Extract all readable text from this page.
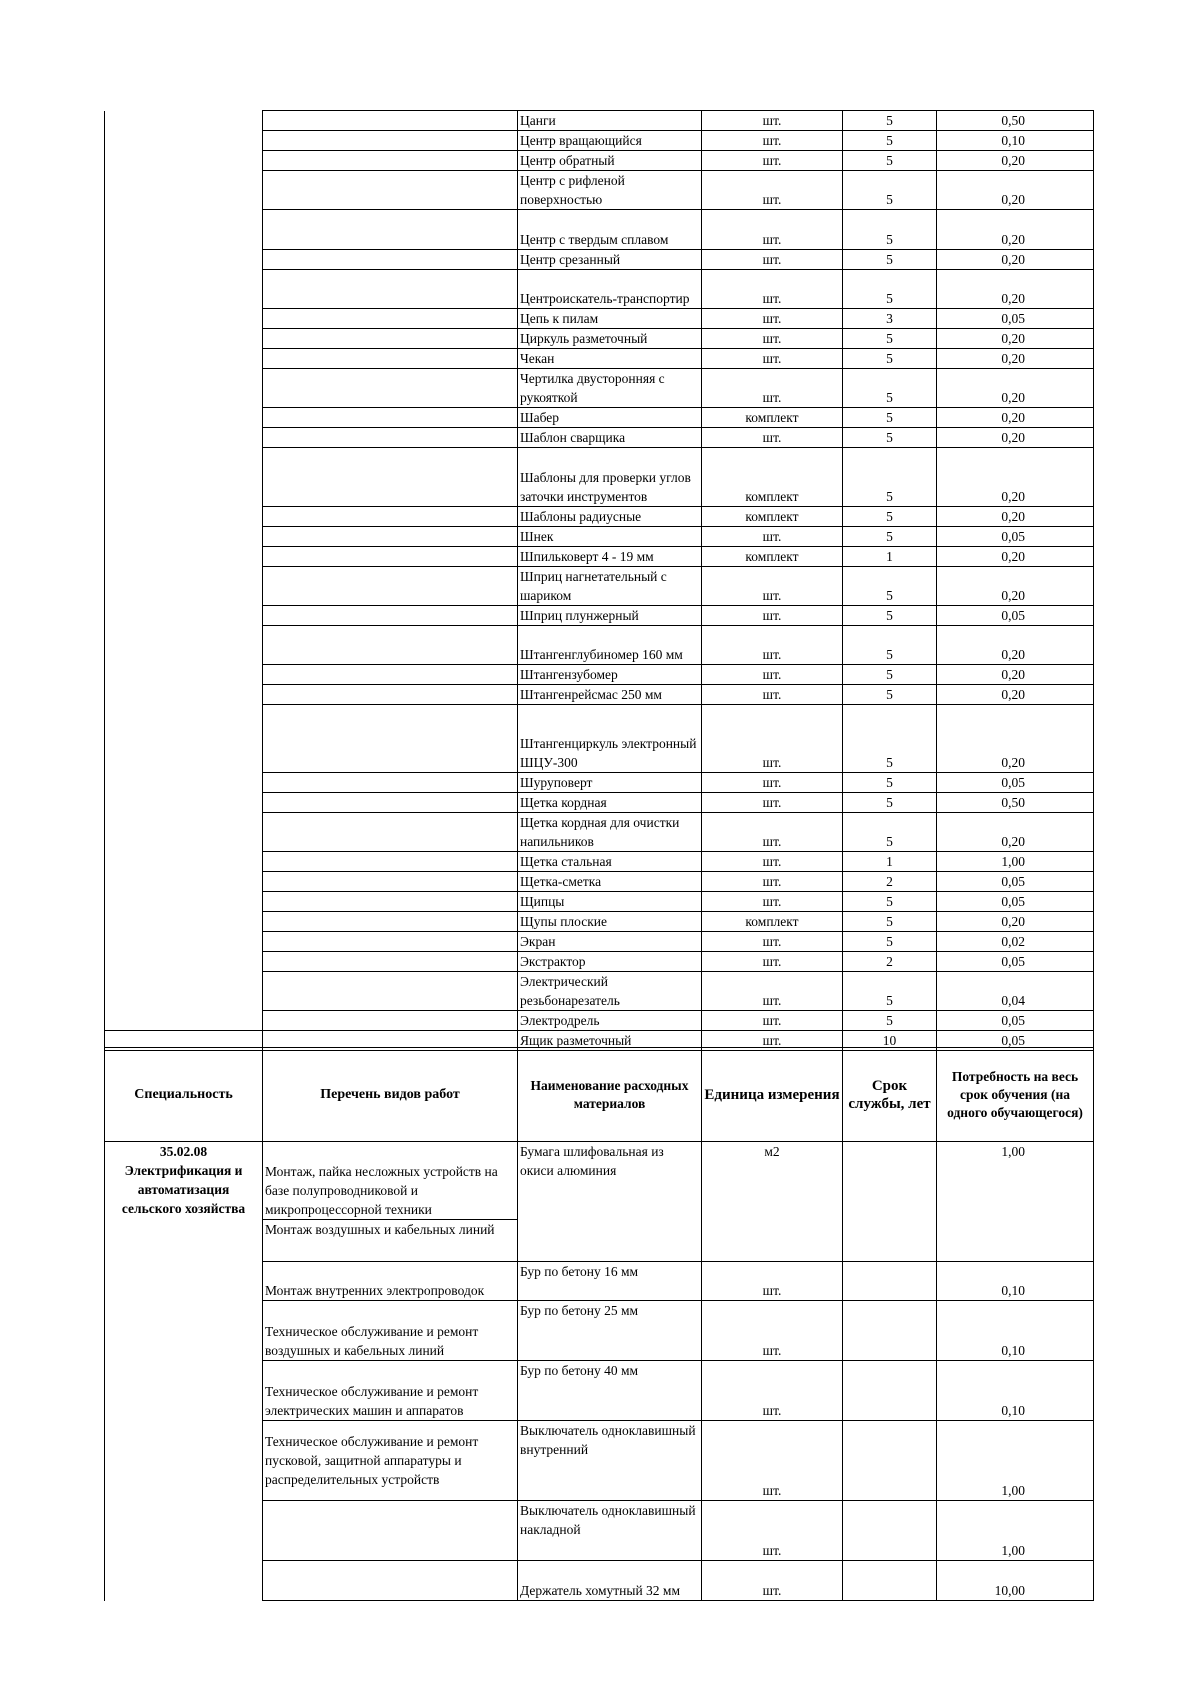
		Цанги	шт.	5	0,50
		Центр вращающийся	шт.	5	0,10
		Центр обратный	шт.	5	0,20
		Центр с рифленой поверхностью	шт.	5	0,20
		Центр с твердым сплавом	шт.	5	0,20
		Центр срезанный	шт.	5	0,20
		Центроискатель-транспортир	шт.	5	0,20
		Цепь к пилам	шт.	3	0,05
		Циркуль разметочный	шт.	5	0,20
		Чекан	шт.	5	0,20
		Чертилка двусторонняя с рукояткой	шт.	5	0,20
		Шабер	комплект	5	0,20
		Шаблон сварщика	шт.	5	0,20
		Шаблоны для проверки углов заточки инструментов	комплект	5	0,20
		Шаблоны радиусные	комплект	5	0,20
		Шнек	шт.	5	0,05
		Шпильковерт 4 - 19 мм	комплект	1	0,20
		Шприц нагнетательный с шариком	шт.	5	0,20
		Шприц плунжерный	шт.	5	0,05
		Штангенглубиномер 160 мм	шт.	5	0,20
		Штангензубомер	шт.	5	0,20
		Штангенрейсмас 250 мм	шт.	5	0,20
		Штангенциркуль электронный ШЦУ-300	шт.	5	0,20
		Шуруповерт	шт.	5	0,05
		Щетка кордная	шт.	5	0,50
		Щетка кордная для очистки напильников	шт.	5	0,20
		Щетка стальная	шт.	1	1,00
		Щетка-сметка	шт.	2	0,05
		Щипцы	шт.	5	0,05
		Щупы плоские	комплект	5	0,20
		Экран	шт.	5	0,02
		Экстрактор	шт.	2	0,05
		Электрический резьбонарезатель	шт.	5	0,04
		Электродрель	шт.	5	0,05
		Ящик разметочный	шт.	10	0,05
Специальность	Перечень видов работ	Наименование расходных материалов	Единица измерения	Срок службы, лет	Потребность на весь срок обучения (на одного обучающегося)
35.02.08 Электрификация и автоматизация сельского хозяйства	Монтаж, пайка несложных устройств на базе полупроводниковой и микропроцессорной техники	Бумага шлифовальная из окиси алюминия	м2		1,00
	Монтаж воздушных и кабельных линий				
	Монтаж внутренних электропроводок	Бур по бетону 16 мм	шт.		0,10
	Техническое обслуживание и ремонт воздушных и кабельных линий	Бур по бетону 25 мм	шт.		0,10
	Техническое обслуживание и ремонт электрических машин и аппаратов	Бур по бетону 40 мм	шт.		0,10
	Техническое обслуживание и ремонт пусковой, защитной аппаратуры и распределительных устройств	Выключатель одноклавишный внутренний	шт.		1,00
		Выключатель одноклавишный накладной	шт.		1,00
		Держатель хомутный 32 мм	шт.		10,00
